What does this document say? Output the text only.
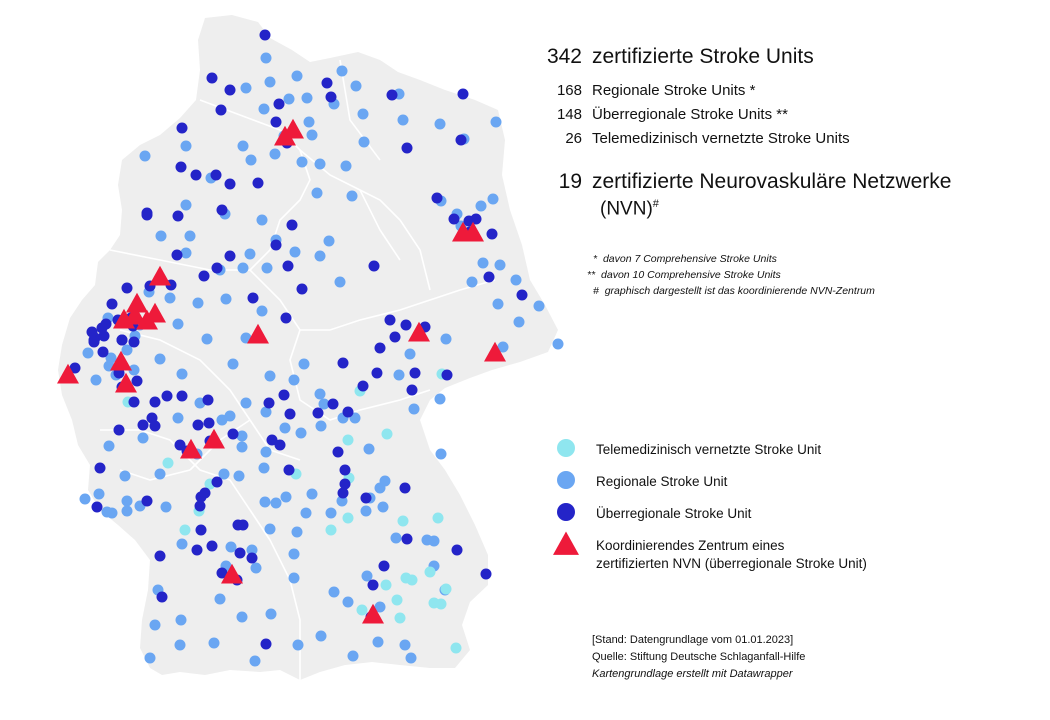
342 zertifizierte Stroke Units
168 Regionale Stroke Units *
148 Überregionale Stroke Units **
26 Telemedizinisch vernetzte Stroke Units
19 zertifizierte Neurovaskuläre Netzwerke
(NVN)#
* davon 7 Comprehensive Stroke Units
** davon 10 Comprehensive Stroke Units
# graphisch dargestellt ist das koordinierende NVN-Zentrum
Telemedizinisch vernetzte Stroke Unit
Regionale Stroke Unit
Überregionale Stroke Unit
Koordinierendes Zentrum eines
zertifizierten NVN (überregionale Stroke Unit)
[Stand: Datengrundlage vom 01.01.2023]
Quelle: Stiftung Deutsche Schlaganfall-Hilfe
Kartengrundlage erstellt mit Datawrapper
